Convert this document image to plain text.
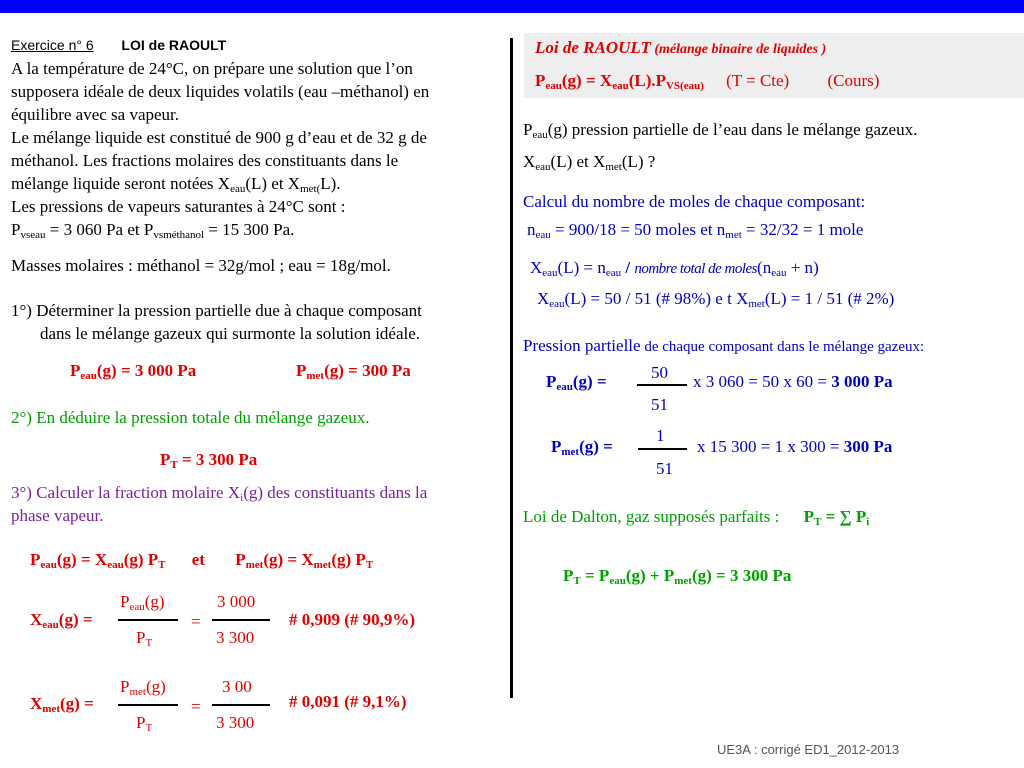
Exercice n° 6 LOI de RAOULT
A la température de 24°C, on prépare une solution que l’on
supposera idéale de deux liquides volatils (eau –méthanol) en
équilibre avec sa vapeur.
Le mélange liquide est constitué de 900 g d’eau et de 32 g de
méthanol. Les fractions molaires des constituants dans le
mélange liquide seront notées $X_{eau}(L)$ et $X_{met(}L$).
Les pressions de vapeurs saturantes à 24°C sont :
$P_{vseau} = 3$ 060 Pa et $P_{vsméthanol} = 15$ 300 Pa.
Masses molaires : méthanol = 32g/mol ; eau = 18g/mol.
1°) Déterminer la pression partielle due à chaque composant
dans le mélange gazeux qui surmonte la solution idéale.
$P_{eau}(g) = 3$ 000 Pa	$P_{met}(g) = 300$ Pa
2°) En déduire la pression totale du mélange gazeux.
$P_T = 3$ 300 Pa
3°) Calculer la fraction molaire $X_i(g)$ des constituants dans la
phase vapeur.
$P_{eau}(g) = X_{eau}(g)$ $P_T$ et $P_{met}(g) = X_{met}(g)$ $P_T$
$X_{eau}(g)$ =
$P_{eau}(g)$
$P_T$
=
3 000
3 300
# 0,909 (# 90,9%)
$X_{met}(g)$ =
$P_{met}(g)$
$P_T$
=
3 00
3 300
# 0,091 (# 9,1%)
Loi de RAOULT (mélange binaire de liquides )
$P_{eau}(g) = X_{eau}(L).P_{VS(eau)}$ (T = Cte) (Cours)
$P_{eau}(g)$ pression partielle de l’eau dans le mélange gazeux.
$X_{eau}(L)$ et $X_{met}(L)$ ?
Calcul du nombre de moles de chaque composant:
$n_{eau} = 900/18 = 50$ moles et $n_{met} = 32/32 = 1$ mole
$X_{eau}(L) = n_{eau}$ / nombre total de $moles(n_{eau} + n)$
$X_{eau}(L) = 50 / 51$ (# 98%) e t $X_{met}(L) = 1 / 51$ (# 2%)
Pression partielle de chaque composant dans le mélange gazeux:
$P_{eau}(g)$ =	50
51
x 3 060 = 50 x 60 = 3 000 Pa
$P_{met}(g)$ =
1
51
x 15 300 = 1 x 300 = 300 Pa
Loi de Dalton, gaz supposés parfaits : $P_T$ = ∑ $P_i$
$P_T = P_{eau}(g) + P_{met}(g) = 3$ 300 Pa
UE3A : corrigé ED1_2012-2013
